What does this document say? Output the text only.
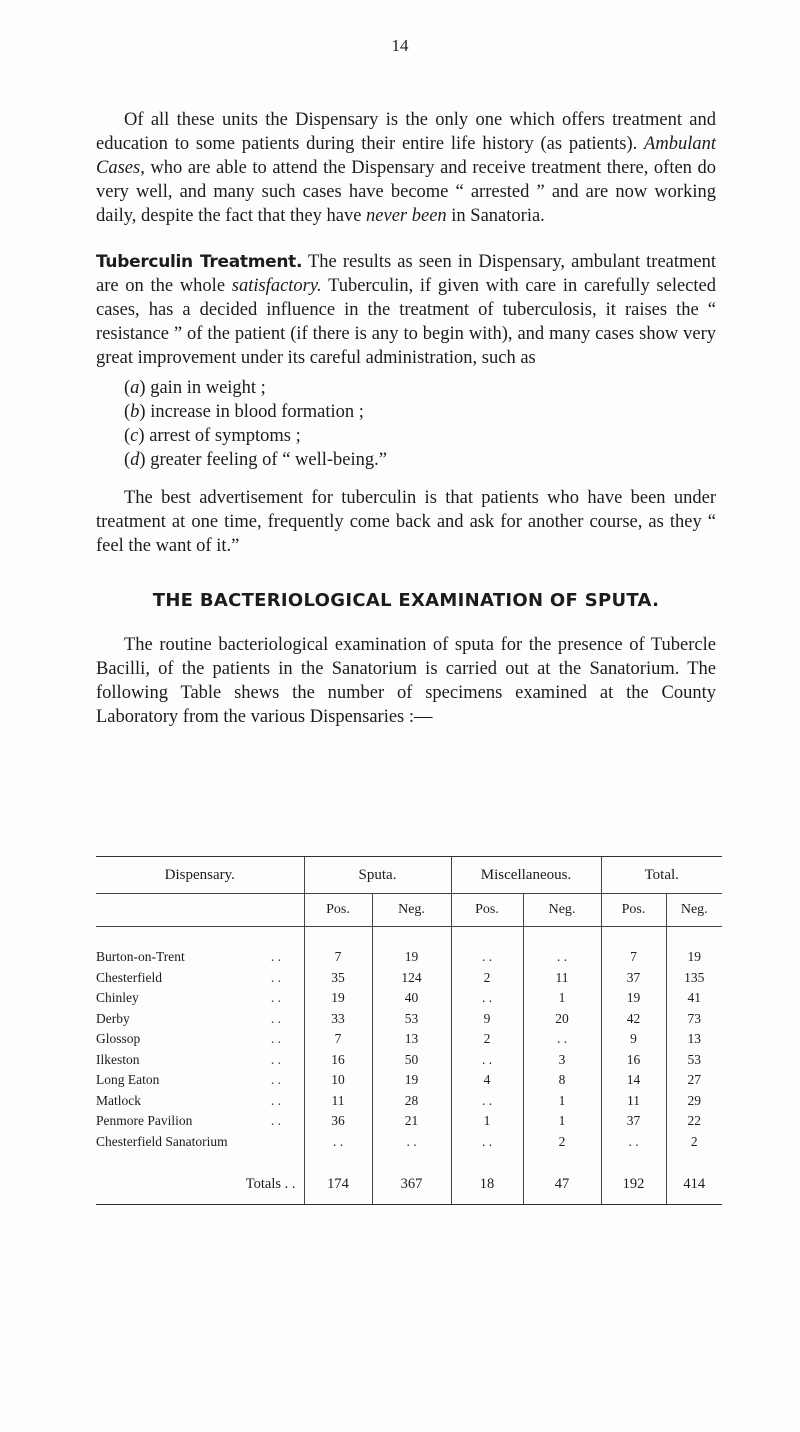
14

Of all these units the Dispensary is the only one which offers treatment and education to some patients during their entire life history (as patients). Ambulant Cases, who are able to attend the Dispensary and receive treatment there, often do very well, and many such cases have become “ arrested ” and are now working daily, despite the fact that they have never been in Sanatoria.

Tuberculin Treatment. The results as seen in Dispensary, ambulant treatment are on the whole satisfactory. Tuberculin, if given with care in carefully selected cases, has a decided influence in the treatment of tuberculosis, it raises the “ resistance ” of the patient (if there is any to begin with), and many cases show very great improvement under its careful administration, such as

(a) gain in weight ;
(b) increase in blood formation ;
(c) arrest of symptoms ;
(d) greater feeling of “ well-being.”

The best advertisement for tuberculin is that patients who have been under treatment at one time, frequently come back and ask for another course, as they “ feel the want of it.”

THE BACTERIOLOGICAL EXAMINATION OF SPUTA.

The routine bacteriological examination of sputa for the presence of Tubercle Bacilli, of the patients in the Sanatorium is carried out at the Sanatorium. The following Table shews the number of specimens examined at the County Laboratory from the various Dispensaries :—

Dispensary.	Sputa.		Miscellaneous.		Total.	
	Pos.	Neg.	Pos.	Neg.	Pos.	Neg.

Burton-on-Trent . .	7	19	. .	. .	7	19
Chesterfield . .	35	124	2	11	37	135
Chinley . .	19	40	. .	1	19	41
Derby . .	33	53	9	20	42	73
Glossop . .	7	13	2	. .	9	13
Ilkeston . .	16	50	. .	3	16	53
Long Eaton . .	10	19	4	8	14	27
Matlock . .	11	28	. .	1	11	29
Penmore Pavilion . .	36	21	1	1	37	22
Chesterfield Sanatorium	. .	. .	. .	2	. .	2

Totals . .	174	367	18	47	192	414
